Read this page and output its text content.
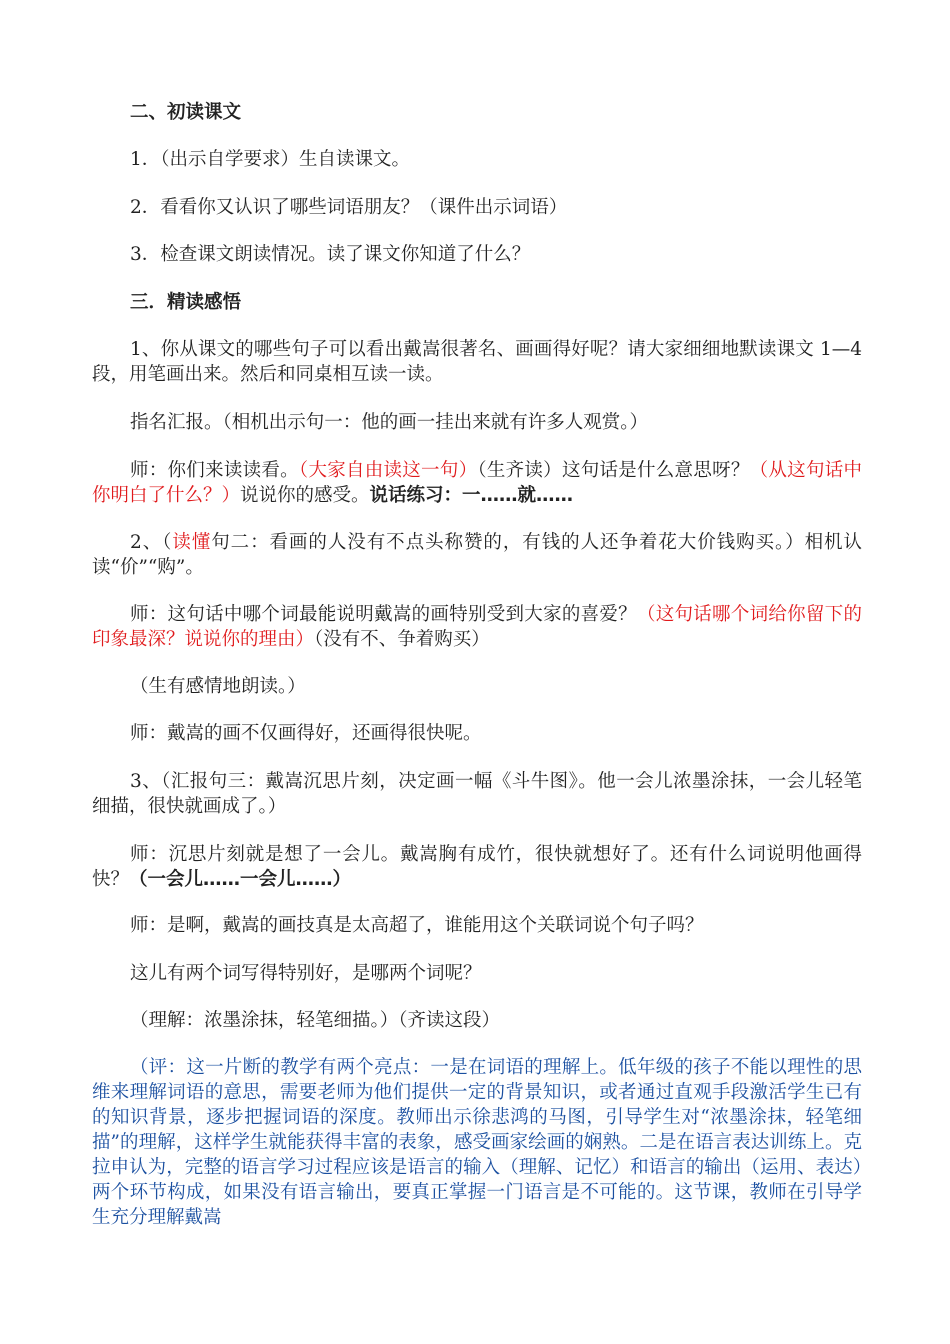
二、初读课文
1．（出示自学要求）生自读课文。
2．看看你又认识了哪些词语朋友？（课件出示词语）
3．检查课文朗读情况。读了课文你知道了什么？
三．精读感悟
1、你从课文的哪些句子可以看出戴嵩很著名、画画得好呢？请大家细细地默读课文 1—4 段，用笔画出来。然后和同桌相互读一读。
指名汇报。（相机出示句一：他的画一挂出来就有许多人观赏。）
师：你们来读读看。（大家自由读这一句）（生齐读）这句话是什么意思呀？（从这句话中你明白了什么？）说说你的感受。说话练习：一……就……
2、（读懂句二：看画的人没有不点头称赞的，有钱的人还争着花大价钱购买。）相机认读“价”“购”。
师：这句话中哪个词最能说明戴嵩的画特别受到大家的喜爱？（这句话哪个词给你留下的印象最深？说说你的理由）（没有不、争着购买）
（生有感情地朗读。）
师：戴嵩的画不仅画得好，还画得很快呢。
3、（汇报句三：戴嵩沉思片刻，决定画一幅《斗牛图》。他一会儿浓墨涂抹，一会儿轻笔细描，很快就画成了。）
师：沉思片刻就是想了一会儿。戴嵩胸有成竹，很快就想好了。还有什么词说明他画得快？（一会儿……一会儿……）
师：是啊，戴嵩的画技真是太高超了，谁能用这个关联词说个句子吗？
这儿有两个词写得特别好，是哪两个词呢？
（理解：浓墨涂抹，轻笔细描。）（齐读这段）
（评：这一片断的教学有两个亮点：一是在词语的理解上。低年级的孩子不能以理性的思维来理解词语的意思，需要老师为他们提供一定的背景知识，或者通过直观手段激活学生已有的知识背景，逐步把握词语的深度。教师出示徐悲鸿的马图，引导学生对“浓墨涂抹，轻笔细描”的理解，这样学生就能获得丰富的表象，感受画家绘画的娴熟。二是在语言表达训练上。克拉申认为，完整的语言学习过程应该是语言的输入（理解、记忆）和语言的输出（运用、表达）两个环节构成，如果没有语言输出，要真正掌握一门语言是不可能的。这节课，教师在引导学生充分理解戴嵩
